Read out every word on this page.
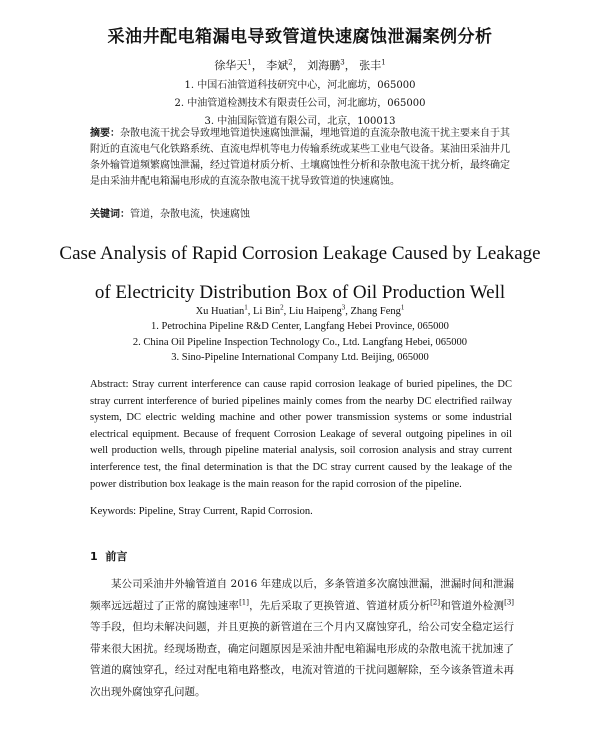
采油井配电箱漏电导致管道快速腐蚀泄漏案例分析
徐华天$^1$， 李斌$^2$， 刘海鹏$^3$， 张丰$^1$
1. 中国石油管道科技研究中心，河北廊坊，065000
2. 中油管道检测技术有限责任公司，河北廊坊，065000
3. 中油国际管道有限公司，北京，100013
摘要：杂散电流干扰会导致埋地管道快速腐蚀泄漏，埋地管道的直流杂散电流干扰主要来自于其附近的直流电气化铁路系统、直流电焊机等电力传输系统或某些工业电气设备。某油田采油井几条外输管道频繁腐蚀泄漏，经过管道材质分析、土壤腐蚀性分析和杂散电流干扰分析，最终确定是由采油井配电箱漏电形成的直流杂散电流干扰导致管道的快速腐蚀。
关键词：管道，杂散电流，快速腐蚀
Case Analysis of Rapid Corrosion Leakage Caused by Leakage
of Electricity Distribution Box of Oil Production Well
Xu Huatian$^1$, Li Bin$^2$, Liu Haipeng$^3$, Zhang Feng$^1$
1. Petrochina Pipeline R&D Center, Langfang Hebei Province, 065000
2. China Oil Pipeline Inspection Technology Co., Ltd. Langfang Hebei, 065000
3. Sino-Pipeline International Company Ltd. Beijing, 065000
Abstract: Stray current interference can cause rapid corrosion leakage of buried pipelines, the DC stray current interference of buried pipelines mainly comes from the nearby DC electrified railway system, DC electric welding machine and other power transmission systems or some industrial electrical equipment. Because of frequent Corrosion Leakage of several outgoing pipelines in oil well production wells, through pipeline material analysis, soil corrosion analysis and stray current interference test, the final determination is that the DC stray current caused by the leakage of the power distribution box leakage is the main reason for the rapid corrosion of the pipeline.
Keywords: Pipeline, Stray Current, Rapid Corrosion.
1 前言
某公司采油井外输管道自 2016 年建成以后，多条管道多次腐蚀泄漏，泄漏时间和泄漏频率远远超过了正常的腐蚀速率[1]，先后采取了更换管道、管道材质分析[2]和管道外检测[3]等手段，但均未解决问题，并且更换的新管道在三个月内又腐蚀穿孔，给公司安全稳定运行带来很大困扰。经现场勘查，确定问题原因是采油井配电箱漏电形成的杂散电流干扰加速了管道的腐蚀穿孔，经过对配电箱电路整改，电流对管道的干扰问题解除，至今该条管道未再次出现外腐蚀穿孔问题。
